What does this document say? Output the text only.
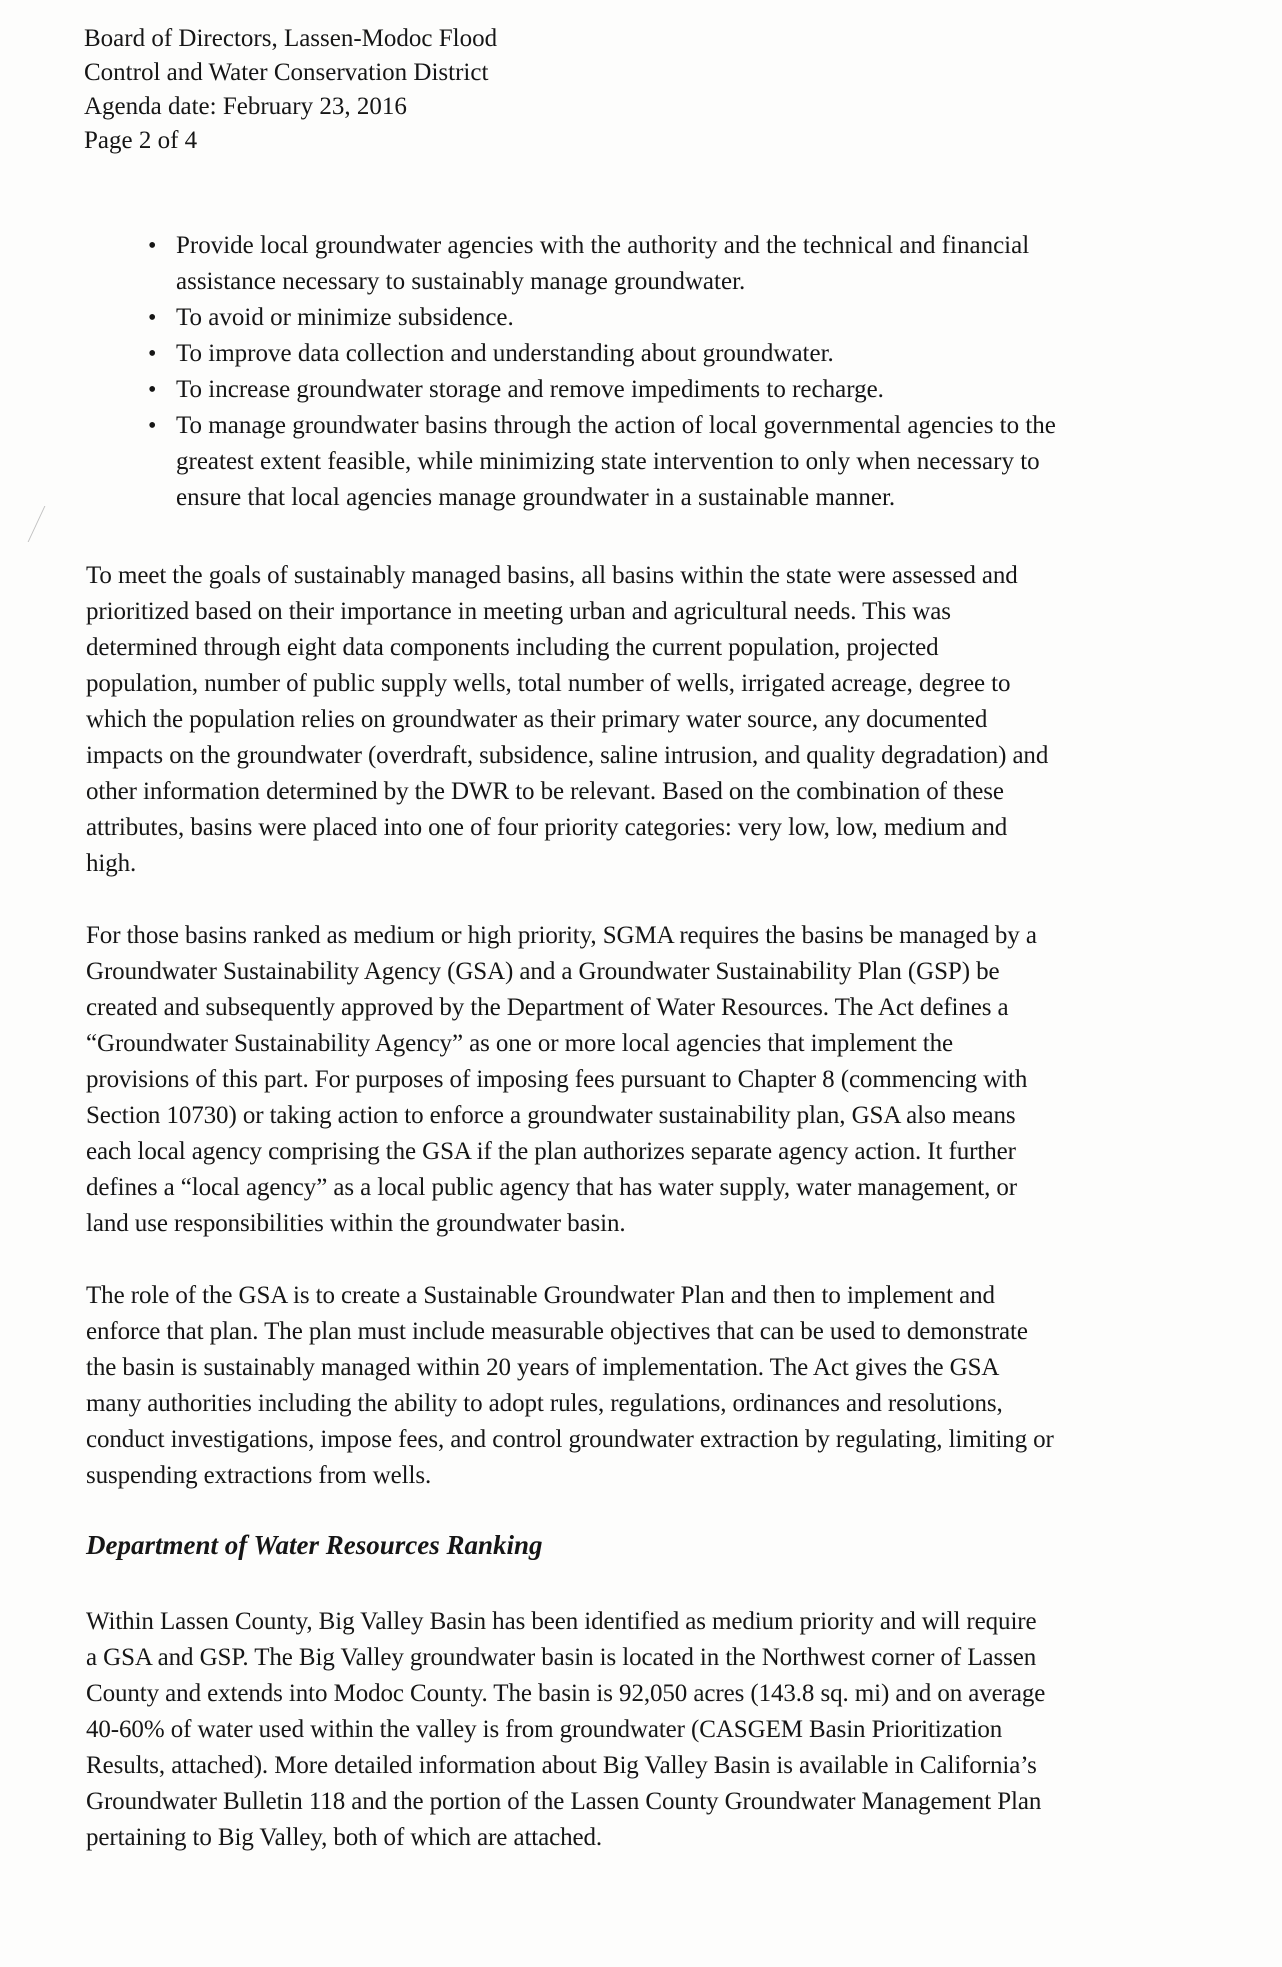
Board of Directors, Lassen-Modoc Flood
Control and Water Conservation District
Agenda date: February 23, 2016
Page 2 of 4
• Provide local groundwater agencies with the authority and the technical and financial
assistance necessary to sustainably manage groundwater.
• To avoid or minimize subsidence.
• To improve data collection and understanding about groundwater.
• To increase groundwater storage and remove impediments to recharge.
• To manage groundwater basins through the action of local governmental agencies to the
greatest extent feasible, while minimizing state intervention to only when necessary to
ensure that local agencies manage groundwater in a sustainable manner.

To meet the goals of sustainably managed basins, all basins within the state were assessed and
prioritized based on their importance in meeting urban and agricultural needs. This was
determined through eight data components including the current population, projected
population, number of public supply wells, total number of wells, irrigated acreage, degree to
which the population relies on groundwater as their primary water source, any documented
impacts on the groundwater (overdraft, subsidence, saline intrusion, and quality degradation) and
other information determined by the DWR to be relevant. Based on the combination of these
attributes, basins were placed into one of four priority categories: very low, low, medium and
high.

For those basins ranked as medium or high priority, SGMA requires the basins be managed by a
Groundwater Sustainability Agency (GSA) and a Groundwater Sustainability Plan (GSP) be
created and subsequently approved by the Department of Water Resources. The Act defines a
“Groundwater Sustainability Agency” as one or more local agencies that implement the
provisions of this part. For purposes of imposing fees pursuant to Chapter 8 (commencing with
Section 10730) or taking action to enforce a groundwater sustainability plan, GSA also means
each local agency comprising the GSA if the plan authorizes separate agency action. It further
defines a “local agency” as a local public agency that has water supply, water management, or
land use responsibilities within the groundwater basin.

The role of the GSA is to create a Sustainable Groundwater Plan and then to implement and
enforce that plan. The plan must include measurable objectives that can be used to demonstrate
the basin is sustainably managed within 20 years of implementation. The Act gives the GSA
many authorities including the ability to adopt rules, regulations, ordinances and resolutions,
conduct investigations, impose fees, and control groundwater extraction by regulating, limiting or
suspending extractions from wells.

Department of Water Resources Ranking

Within Lassen County, Big Valley Basin has been identified as medium priority and will require
a GSA and GSP. The Big Valley groundwater basin is located in the Northwest corner of Lassen
County and extends into Modoc County. The basin is 92,050 acres (143.8 sq. mi) and on average
40-60% of water used within the valley is from groundwater (CASGEM Basin Prioritization
Results, attached). More detailed information about Big Valley Basin is available in California’s
Groundwater Bulletin 118 and the portion of the Lassen County Groundwater Management Plan
pertaining to Big Valley, both of which are attached.
